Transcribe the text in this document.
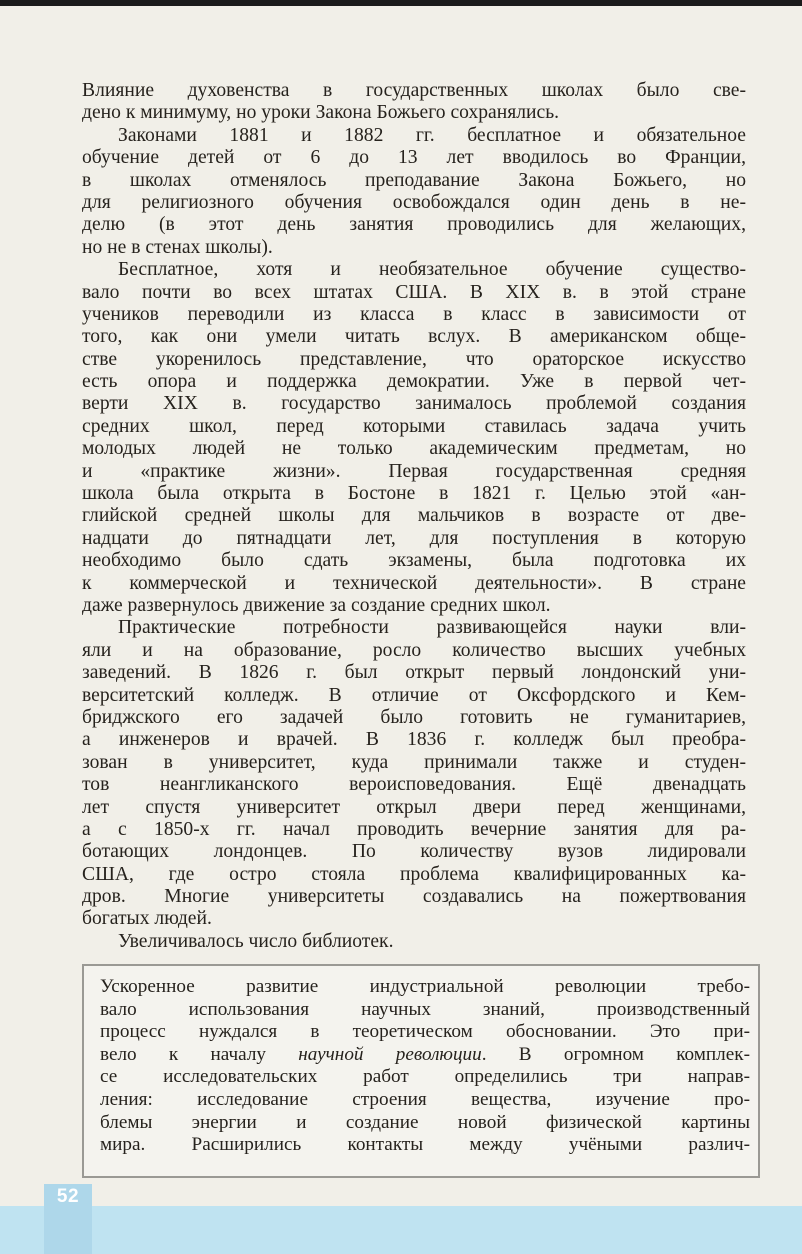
Влияние духовенства в государственных школах было све-
дено к минимуму, но уроки Закона Божьего сохранялись.
Законами 1881 и 1882 гг. бесплатное и обязательное
обучение детей от 6 до 13 лет вводилось во Франции,
в школах отменялось преподавание Закона Божьего, но
для религиозного обучения освобождался один день в не-
делю (в этот день занятия проводились для желающих,
но не в стенах школы).
Бесплатное, хотя и необязательное обучение существо-
вало почти во всех штатах США. В XIX в. в этой стране
учеников переводили из класса в класс в зависимости от
того, как они умели читать вслух. В американском обще-
стве укоренилось представление, что ораторское искусство
есть опора и поддержка демократии. Уже в первой чет-
верти XIX в. государство занималось проблемой создания
средних школ, перед которыми ставилась задача учить
молодых людей не только академическим предметам, но
и «практике жизни». Первая государственная средняя
школа была открыта в Бостоне в 1821 г. Целью этой «ан-
глийской средней школы для мальчиков в возрасте от две-
надцати до пятнадцати лет, для поступления в которую
необходимо было сдать экзамены, была подготовка их
к коммерческой и технической деятельности». В стране
даже развернулось движение за создание средних школ.
Практические потребности развивающейся науки вли-
яли и на образование, росло количество высших учебных
заведений. В 1826 г. был открыт первый лондонский уни-
верситетский колледж. В отличие от Оксфордского и Кем-
бриджского его задачей было готовить не гуманитариев,
а инженеров и врачей. В 1836 г. колледж был преобра-
зован в университет, куда принимали также и студен-
тов неангликанского вероисповедования. Ещё двенадцать
лет спустя университет открыл двери перед женщинами,
а с 1850-х гг. начал проводить вечерние занятия для ра-
ботающих лондонцев. По количеству вузов лидировали
США, где остро стояла проблема квалифицированных ка-
дров. Многие университеты создавались на пожертвования
богатых людей.
Увеличивалось число библиотек.
Ускоренное развитие индустриальной революции требо-
вало использования научных знаний, производственный
процесс нуждался в теоретическом обосновании. Это при-
вело к началу научной революции. В огромном комплек-
се исследовательских работ определились три направ-
ления: исследование строения вещества, изучение про-
блемы энергии и создание новой физической картины
мира. Расширились контакты между учёными различ-
52
